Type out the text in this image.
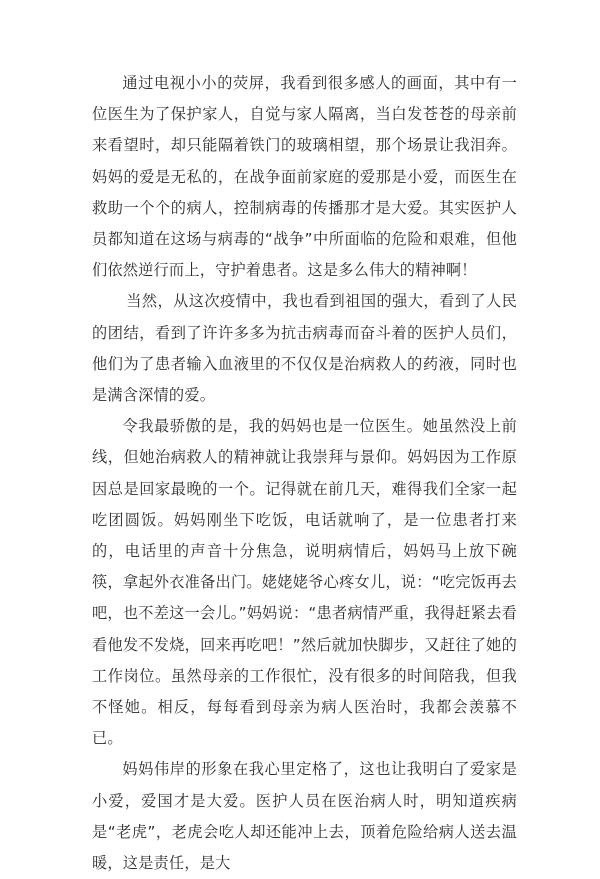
通过电视小小的荧屏，我看到很多感人的画面，其中有一位医生为了保护家人，自觉与家人隔离，当白发苍苍的母亲前来看望时，却只能隔着铁门的玻璃相望，那个场景让我泪奔。妈妈的爱是无私的，在战争面前家庭的爱那是小爱，而医生在救助一个个的病人，控制病毒的传播那才是大爱。其实医护人员都知道在这场与病毒的“战争”中所面临的危险和艰难，但他们依然逆行而上，守护着患者。这是多么伟大的精神啊！

当然，从这次疫情中，我也看到祖国的强大，看到了人民的团结，看到了许许多多为抗击病毒而奋斗着的医护人员们，他们为了患者输入血液里的不仅仅是治病救人的药液，同时也是满含深情的爱。

令我最骄傲的是，我的妈妈也是一位医生。她虽然没上前线，但她治病救人的精神就让我崇拜与景仰。妈妈因为工作原因总是回家最晚的一个。记得就在前几天，难得我们全家一起吃团圆饭。妈妈刚坐下吃饭，电话就响了，是一位患者打来的，电话里的声音十分焦急，说明病情后，妈妈马上放下碗筷，拿起外衣准备出门。姥姥姥爷心疼女儿，说：“吃完饭再去吧，也不差这一会儿。”妈妈说：“患者病情严重，我得赶紧去看看他发不发烧，回来再吃吧！”然后就加快脚步，又赶往了她的工作岗位。虽然母亲的工作很忙，没有很多的时间陪我，但我不怪她。相反，每每看到母亲为病人医治时，我都会羡慕不已。

妈妈伟岸的形象在我心里定格了，这也让我明白了爱家是小爱，爱国才是大爱。医护人员在医治病人时，明知道疾病是“老虎”，老虎会吃人却还能冲上去，顶着危险给病人送去温暖，这是责任，是大
